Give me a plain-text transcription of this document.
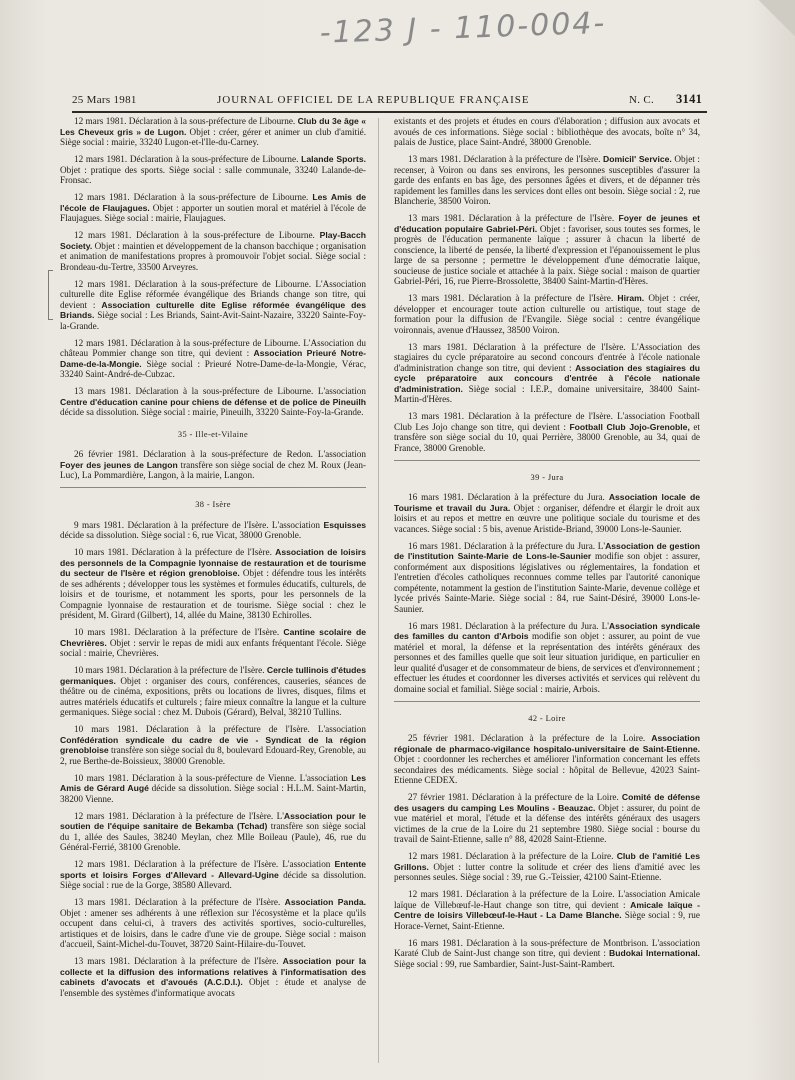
-123 J - 110-004-
25 Mars 1981	JOURNAL OFFICIEL DE LA REPUBLIQUE FRANÇAISE	N. C. 3141

12 mars 1981. Déclaration à la sous-préfecture de Libourne. Club du 3e âge « Les Cheveux gris » de Lugon. Objet : créer, gérer et animer un club d'amitié. Siège social : mairie, 33240 Lugon-et-l'Ile-du-Carney.

12 mars 1981. Déclaration à la sous-préfecture de Libourne. Lalande Sports. Objet : pratique des sports. Siège social : salle communale, 33240 Lalande-de-Fronsac.

12 mars 1981. Déclaration à la sous-préfecture de Libourne. Les Amis de l'école de Flaujagues. Objet : apporter un soutien moral et matériel à l'école de Flaujagues. Siège social : mairie, Flaujagues.

12 mars 1981. Déclaration à la sous-préfecture de Libourne. Play-Bacch Society. Objet : maintien et développement de la chanson bacchique ; organisation et animation de manifestations propres à promouvoir l'objet social. Siège social : Brondeau-du-Tertre, 33500 Arveyres.

12 mars 1981. Déclaration à la sous-préfecture de Libourne. L'Association culturelle dite Eglise réformée évangélique des Briands change son titre, qui devient : Association culturelle dite Eglise réformée évangélique des Briands. Siège social : Les Briands, Saint-Avit-Saint-Nazaire, 33220 Sainte-Foy-la-Grande.

12 mars 1981. Déclaration à la sous-préfecture de Libourne. L'Association du château Pommier change son titre, qui devient : Association Prieuré Notre-Dame-de-la-Mongie. Siège social : Prieuré Notre-Dame-de-la-Mongie, Vérac, 33240 Saint-André-de-Cubzac.

13 mars 1981. Déclaration à la sous-préfecture de Libourne. L'association Centre d'éducation canine pour chiens de défense et de police de Pineuilh décide sa dissolution. Siège social : mairie, Pineuilh, 33220 Sainte-Foy-la-Grande.

35 - Ille-et-Vilaine

26 février 1981. Déclaration à la sous-préfecture de Redon. L'association Foyer des jeunes de Langon transfère son siège social de chez M. Roux (Jean-Luc), La Pommardière, Langon, à la mairie, Langon.

38 - Isère

9 mars 1981. Déclaration à la préfecture de l'Isère. L'association Esquisses décide sa dissolution. Siège social : 6, rue Vicat, 38000 Grenoble.

10 mars 1981. Déclaration à la préfecture de l'Isère. Association de loisirs des personnels de la Compagnie lyonnaise de restauration et de tourisme du secteur de l'Isère et région grenobloise. Objet : défendre tous les intérêts de ses adhérents ; développer tous les systèmes et formules éducatifs, culturels, de loisirs et de tourisme, et notamment les sports, pour les personnels de la Compagnie lyonnaise de restauration et de tourisme. Siège social : chez le président, M. Girard (Gilbert), 14, allée du Maine, 38130 Echirolles.

10 mars 1981. Déclaration à la préfecture de l'Isère. Cantine scolaire de Chevrières. Objet : servir le repas de midi aux enfants fréquentant l'école. Siège social : mairie, Chevrières.

10 mars 1981. Déclaration à la préfecture de l'Isère. Cercle tullinois d'études germaniques. Objet : organiser des cours, conférences, causeries, séances de théâtre ou de cinéma, expositions, prêts ou locations de livres, disques, films et autres matériels éducatifs et culturels ; faire mieux connaître la langue et la culture germaniques. Siège social : chez M. Dubois (Gérard), Belval, 38210 Tullins.

10 mars 1981. Déclaration à la préfecture de l'Isère. L'association Confédération syndicale du cadre de vie - Syndicat de la région grenobloise transfère son siège social du 8, boulevard Edouard-Rey, Grenoble, au 2, rue Berthe-de-Boissieux, 38000 Grenoble.

10 mars 1981. Déclaration à la sous-préfecture de Vienne. L'association Les Amis de Gérard Augé décide sa dissolution. Siège social : H.L.M. Saint-Martin, 38200 Vienne.

12 mars 1981. Déclaration à la préfecture de l'Isère. L'Association pour le soutien de l'équipe sanitaire de Bekamba (Tchad) transfère son siège social du 1, allée des Saules, 38240 Meylan, chez Mlle Boileau (Paule), 46, rue du Général-Ferrié, 38100 Grenoble.

12 mars 1981. Déclaration à la préfecture de l'Isère. L'association Entente sports et loisirs Forges d'Allevard - Allevard-Ugine décide sa dissolution. Siège social : rue de la Gorge, 38580 Allevard.

13 mars 1981. Déclaration à la préfecture de l'Isère. Association Panda. Objet : amener ses adhérents à une réflexion sur l'écosystème et la place qu'ils occupent dans celui-ci, à travers des activités sportives, socio-culturelles, artistiques et de loisirs, dans le cadre d'une vie de groupe. Siège social : maison d'accueil, Saint-Michel-du-Touvet, 38720 Saint-Hilaire-du-Touvet.

13 mars 1981. Déclaration à la préfecture de l'Isère. Association pour la collecte et la diffusion des informations relatives à l'informatisation des cabinets d'avocats et d'avoués (A.C.D.I.). Objet : étude et analyse de l'ensemble des systèmes d'informatique avocats

existants et des projets et études en cours d'élaboration ; diffusion aux avocats et avoués de ces informations. Siège social : bibliothèque des avocats, boîte n° 34, palais de Justice, place Saint-André, 38000 Grenoble.

13 mars 1981. Déclaration à la préfecture de l'Isère. Domicil' Service. Objet : recenser, à Voiron ou dans ses environs, les personnes susceptibles d'assurer la garde des enfants en bas âge, des personnes âgées et divers, et de dépanner très rapidement les familles dans les services dont elles ont besoin. Siège social : 2, rue Blancherie, 38500 Voiron.

13 mars 1981. Déclaration à la préfecture de l'Isère. Foyer de jeunes et d'éducation populaire Gabriel-Péri. Objet : favoriser, sous toutes ses formes, le progrès de l'éducation permanente laïque ; assurer à chacun la liberté de conscience, la liberté de pensée, la liberté d'expression et l'épanouissement le plus large de sa personne ; permettre le développement d'une démocratie laïque, soucieuse de justice sociale et attachée à la paix. Siège social : maison de quartier Gabriel-Péri, 16, rue Pierre-Brossolette, 38400 Saint-Martin-d'Hères.

13 mars 1981. Déclaration à la préfecture de l'Isère. Hiram. Objet : créer, développer et encourager toute action culturelle ou artistique, tout stage de formation pour la diffusion de l'Evangile. Siège social : centre évangélique voironnais, avenue d'Haussez, 38500 Voiron.

13 mars 1981. Déclaration à la préfecture de l'Isère. L'Association des stagiaires du cycle préparatoire au second concours d'entrée à l'école nationale d'administration change son titre, qui devient : Association des stagiaires du cycle préparatoire aux concours d'entrée à l'école nationale d'administration. Siège social : I.E.P., domaine universitaire, 38400 Saint-Martin-d'Hères.

13 mars 1981. Déclaration à la préfecture de l'Isère. L'association Football Club Les Jojo change son titre, qui devient : Football Club Jojo-Grenoble, et transfère son siège social du 10, quai Perrière, 38000 Grenoble, au 34, quai de France, 38000 Grenoble.

39 - Jura

16 mars 1981. Déclaration à la préfecture du Jura. Association locale de Tourisme et travail du Jura. Objet : organiser, défendre et élargir le droit aux loisirs et au repos et mettre en œuvre une politique sociale du tourisme et des vacances. Siège social : 5 bis, avenue Aristide-Briand, 39000 Lons-le-Saunier.

16 mars 1981. Déclaration à la préfecture du Jura. L'Association de gestion de l'institution Sainte-Marie de Lons-le-Saunier modifie son objet : assurer, conformément aux dispositions législatives ou réglementaires, la fondation et l'entretien d'écoles catholiques reconnues comme telles par l'autorité canonique compétente, notamment la gestion de l'institution Sainte-Marie, devenue collège et lycée privés Sainte-Marie. Siège social : 84, rue Saint-Désiré, 39000 Lons-le-Saunier.

16 mars 1981. Déclaration à la préfecture du Jura. L'Association syndicale des familles du canton d'Arbois modifie son objet : assurer, au point de vue matériel et moral, la défense et la représentation des intérêts généraux des personnes et des familles quelle que soit leur situation juridique, en particulier en leur qualité d'usager et de consommateur de biens, de services et d'environnement ; effectuer les études et coordonner les diverses activités et services qui relèvent du domaine social et familial. Siège social : mairie, Arbois.

42 - Loire

25 février 1981. Déclaration à la préfecture de la Loire. Association régionale de pharmaco-vigilance hospitalo-universitaire de Saint-Etienne. Objet : coordonner les recherches et améliorer l'information concernant les effets secondaires des médicaments. Siège social : hôpital de Bellevue, 42023 Saint-Etienne CEDEX.

27 février 1981. Déclaration à la préfecture de la Loire. Comité de défense des usagers du camping Les Moulins - Beauzac. Objet : assurer, du point de vue matériel et moral, l'étude et la défense des intérêts généraux des usagers victimes de la crue de la Loire du 21 septembre 1980. Siège social : bourse du travail de Saint-Etienne, salle n° 88, 42028 Saint-Etienne.

12 mars 1981. Déclaration à la préfecture de la Loire. Club de l'amitié Les Grillons. Objet : lutter contre la solitude et créer des liens d'amitié avec les personnes seules. Siège social : 39, rue G.-Teissier, 42100 Saint-Etienne.

12 mars 1981. Déclaration à la préfecture de la Loire. L'association Amicale laïque de Villebœuf-le-Haut change son titre, qui devient : Amicale laïque - Centre de loisirs Villebœuf-le-Haut - La Dame Blanche. Siège social : 9, rue Horace-Vernet, Saint-Etienne.

16 mars 1981. Déclaration à la sous-préfecture de Montbrison. L'association Karaté Club de Saint-Just change son titre, qui devient : Budokai International. Siège social : 99, rue Sambardier, Saint-Just-Saint-Rambert.
